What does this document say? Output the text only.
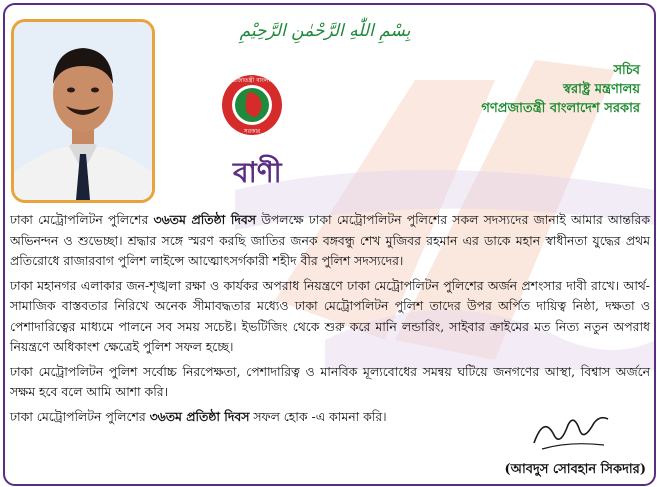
بِسْمِ اللّٰهِ الرَّحْمٰنِ الرَّحِیْمِ
গণপ্রজাতন্ত্রী বাংলাদেশ
সরকার
বাণী
সচিব
স্বরাষ্ট্র মন্ত্রণালয়
গণপ্রজাতন্ত্রী বাংলাদেশ সরকার

ঢাকা মেট্রোপলিটন পুলিশের ৩৬তম প্রতিষ্ঠা দিবস উপলক্ষে ঢাকা মেট্রোপলিটন পুলিশের সকল সদস্যদের জানাই আমার আন্তরিক অভিনন্দন ও শুভেচ্ছা। শ্রদ্ধার সঙ্গে স্মরণ করছি জাতির জনক বঙ্গবন্ধু শেখ মুজিবর রহমান এর ডাকে মহান স্বাধীনতা যুদ্ধের প্রথম প্রতিরোধে রাজারবাগ পুলিশ লাইন্সে আত্মোৎসর্গকারী শহীদ বীর পুলিশ সদস্যদের।

ঢাকা মহানগর এলাকার জন-শৃঙ্খলা রক্ষা ও কার্যকর অপরাধ নিয়ন্ত্রণে ঢাকা মেট্রোপলিটন পুলিশের অর্জন প্রশংসার দাবী রাখে। আর্থ-সামাজিক বাস্তবতার নিরিখে অনেক সীমাবদ্ধতার মধ্যেও ঢাকা মেট্রোপলিটন পুলিশ তাদের উপর অর্পিত দায়িত্ব নিষ্ঠা, দক্ষতা ও পেশাদারিত্বের মাধ্যমে পালনে সব সময় সচেষ্ট। ইভটিজিং থেকে শুরু করে মানি লন্ডারিং, সাইবার ক্রাইমের মত নিত্য নতুন অপরাধ নিয়ন্ত্রণে অধিকাংশ ক্ষেত্রেই পুলিশ সফল হচ্ছে।

ঢাকা মেট্রোপলিটন পুলিশ সর্বোচ্চ নিরপেক্ষতা, পেশাদারিত্ব ও মানবিক মূল্যবোধের সমন্বয় ঘটিয়ে জনগণের আস্থা, বিশ্বাস অর্জনে সক্ষম হবে বলে আমি আশা করি।

ঢাকা মেট্রোপলিটন পুলিশের ৩৬তম প্রতিষ্ঠা দিবস সফল হোক -এ কামনা করি।

(আবদুস সোবহান সিকদার)
